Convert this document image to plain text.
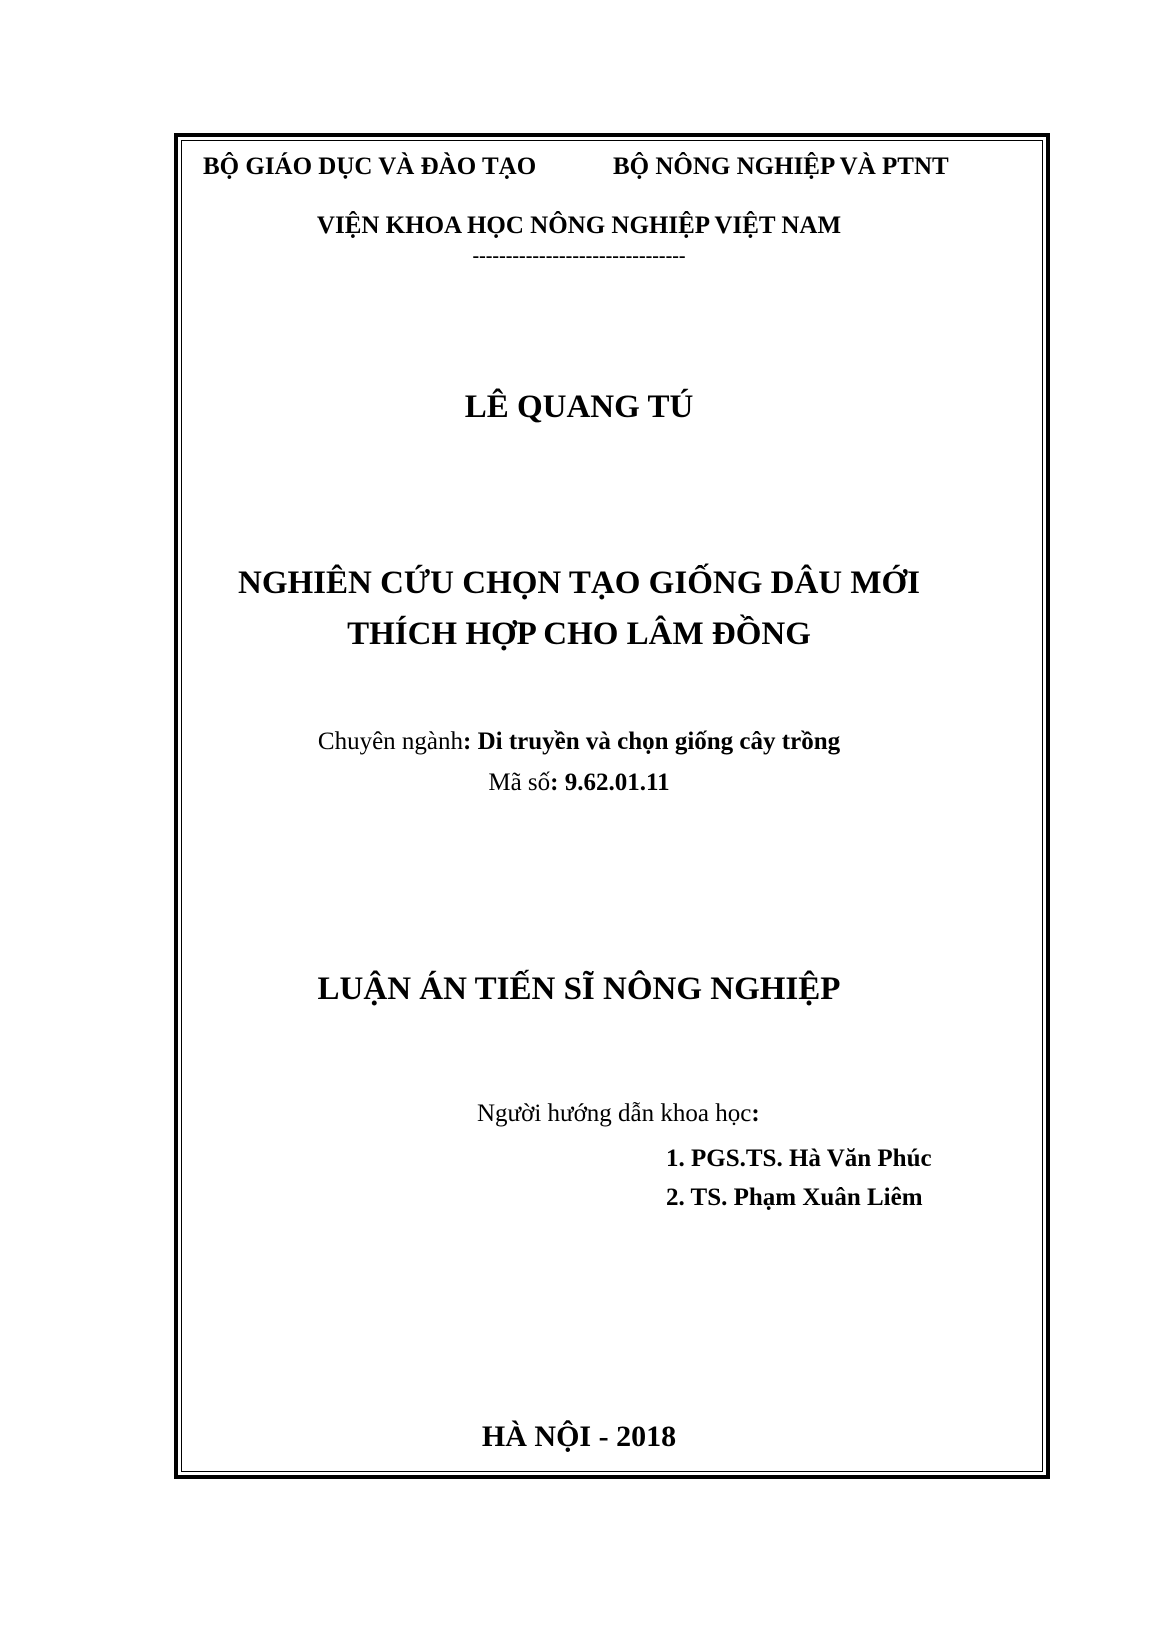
BỘ GIÁO DỤC VÀ ĐÀO TẠO	BỘ NÔNG NGHIỆP VÀ PTNT
VIỆN KHOA HỌC NÔNG NGHIỆP VIỆT NAM
--------------------------------
LÊ QUANG TÚ
NGHIÊN CỨU CHỌN TẠO GIỐNG DÂU MỚI
THÍCH HỢP CHO LÂM ĐỒNG
Chuyên ngành: Di truyền và chọn giống cây trồng
Mã số: 9.62.01.11
LUẬN ÁN TIẾN SĨ NÔNG NGHIỆP
Người hướng dẫn khoa học:
1. PGS.TS. Hà Văn Phúc
2. TS. Phạm Xuân Liêm
HÀ NỘI - 2018
